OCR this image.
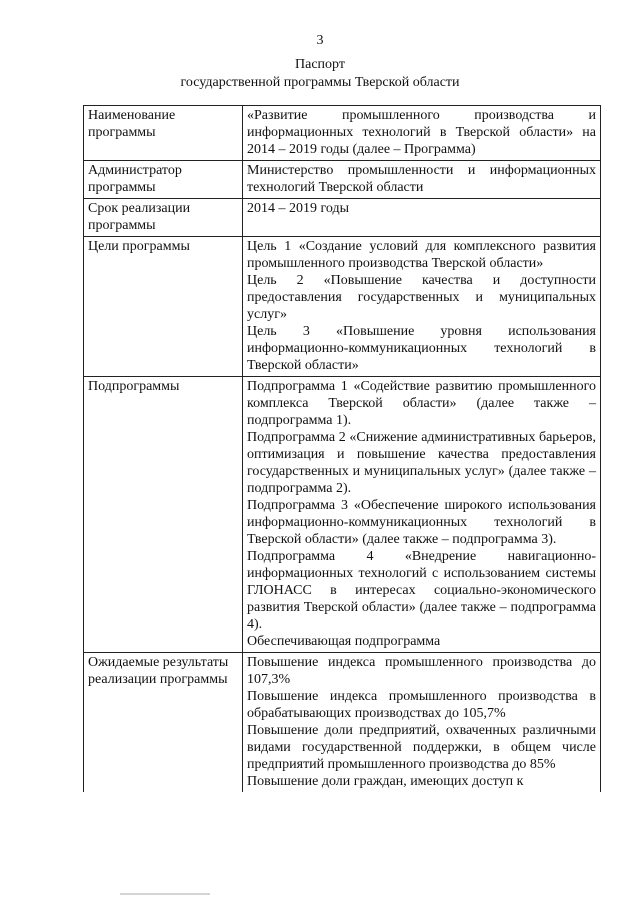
3
Паспорт
государственной программы Тверской области
Наименование программы	«Развитие промышленного производства и информационных технологий в Тверской области» на 2014 – 2019 годы (далее – Программа)

Администратор программы	Министерство промышленности и информационных технологий Тверской области

Срок реализации программы	2014 – 2019 годы

Цели программы	Цель 1 «Создание условий для комплексного развития промышленного производства Тверской области»
Цель 2 «Повышение качества и доступности предоставления государственных и муниципальных услуг»
Цель 3 «Повышение уровня использования информационно-коммуникационных технологий в Тверской области»

Подпрограммы	Подпрограмма 1 «Содействие развитию промышленного комплекса Тверской области» (далее также – подпрограмма 1).
Подпрограмма 2 «Снижение административных барьеров, оптимизация и повышение качества предоставления государственных и муниципальных услуг» (далее также – подпрограмма 2).
Подпрограмма 3 «Обеспечение широкого использования информационно-коммуникационных технологий в Тверской области» (далее также – подпрограмма 3).
Подпрограмма 4 «Внедрение навигационно-информационных технологий с использованием системы ГЛОНАСС в интересах социально-экономического развития Тверской области» (далее также – подпрограмма 4).
Обеспечивающая подпрограмма

Ожидаемые результаты реализации программы	Повышение индекса промышленного производства до 107,3%
Повышение индекса промышленного производства в обрабатывающих производствах до 105,7%
Повышение доли предприятий, охваченных различными видами государственной поддержки, в общем числе предприятий промышленного производства до 85%
Повышение доли граждан, имеющих доступ к
